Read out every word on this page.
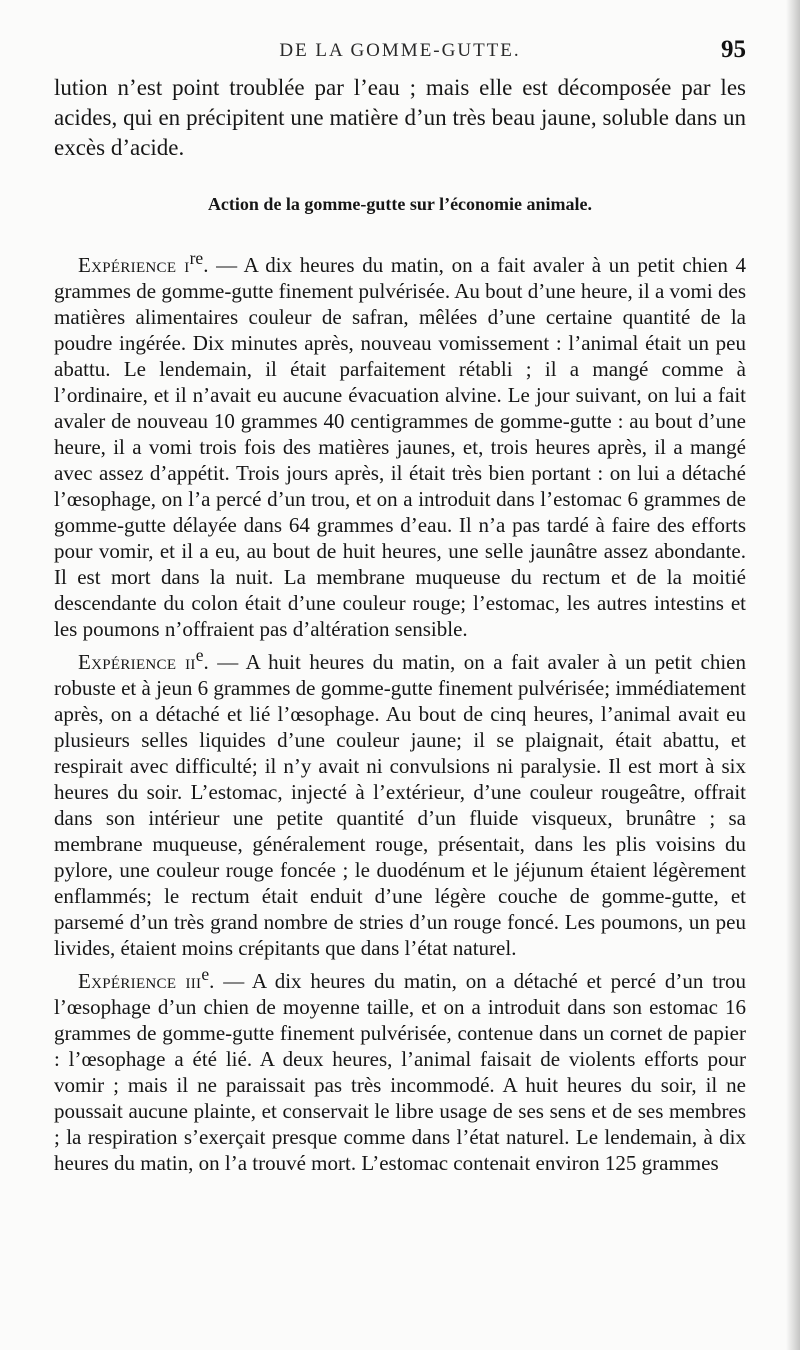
DE LA GOMME-GUTTE.	95

lution n’est point troublée par l’eau ; mais elle est décomposée par les acides, qui en précipitent une matière d’un très beau jaune, soluble dans un excès d’acide.

Action de la gomme-gutte sur l’économie animale.

Expérience $i^{re}$. — A dix heures du matin, on a fait avaler à un petit chien 4 grammes de gomme-gutte finement pulvérisée. Au bout d’une heure, il a vomi des matières alimentaires couleur de safran, mêlées d’une certaine quantité de la poudre ingérée. Dix minutes après, nouveau vomissement : l’animal était un peu abattu. Le lendemain, il était parfaitement rétabli ; il a mangé comme à l’ordinaire, et il n’avait eu aucune évacuation alvine. Le jour suivant, on lui a fait avaler de nouveau 10 grammes 40 centigrammes de gomme-gutte : au bout d’une heure, il a vomi trois fois des matières jaunes, et, trois heures après, il a mangé avec assez d’appétit. Trois jours après, il était très bien portant : on lui a détaché l’œsophage, on l’a percé d’un trou, et on a introduit dans l’estomac 6 grammes de gomme-gutte délayée dans 64 grammes d’eau. Il n’a pas tardé à faire des efforts pour vomir, et il a eu, au bout de huit heures, une selle jaunâtre assez abondante. Il est mort dans la nuit. La membrane muqueuse du rectum et de la moitié descendante du colon était d’une couleur rouge; l’estomac, les autres intestins et les poumons n’offraient pas d’altération sensible.

Expérience $ii^e$. — A huit heures du matin, on a fait avaler à un petit chien robuste et à jeun 6 grammes de gomme-gutte finement pulvérisée; immédiatement après, on a détaché et lié l’œsophage. Au bout de cinq heures, l’animal avait eu plusieurs selles liquides d’une couleur jaune; il se plaignait, était abattu, et respirait avec difficulté; il n’y avait ni convulsions ni paralysie. Il est mort à six heures du soir. L’estomac, injecté à l’extérieur, d’une couleur rougeâtre, offrait dans son intérieur une petite quantité d’un fluide visqueux, brunâtre ; sa membrane muqueuse, généralement rouge, présentait, dans les plis voisins du pylore, une couleur rouge foncée ; le duodénum et le jéjunum étaient légèrement enflammés; le rectum était enduit d’une légère couche de gomme-gutte, et parsemé d’un très grand nombre de stries d’un rouge foncé. Les poumons, un peu livides, étaient moins crépitants que dans l’état naturel.

Expérience iii$^e$. — A dix heures du matin, on a détaché et percé d’un trou l’œsophage d’un chien de moyenne taille, et on a introduit dans son estomac 16 grammes de gomme-gutte finement pulvérisée, contenue dans un cornet de papier : l’œsophage a été lié. A deux heures, l’animal faisait de violents efforts pour vomir ; mais il ne paraissait pas très incommodé. A huit heures du soir, il ne poussait aucune plainte, et conservait le libre usage de ses sens et de ses membres ; la respiration s’exerçait presque comme dans l’état naturel. Le lendemain, à dix heures du matin, on l’a trouvé mort. L’estomac contenait environ 125 grammes
